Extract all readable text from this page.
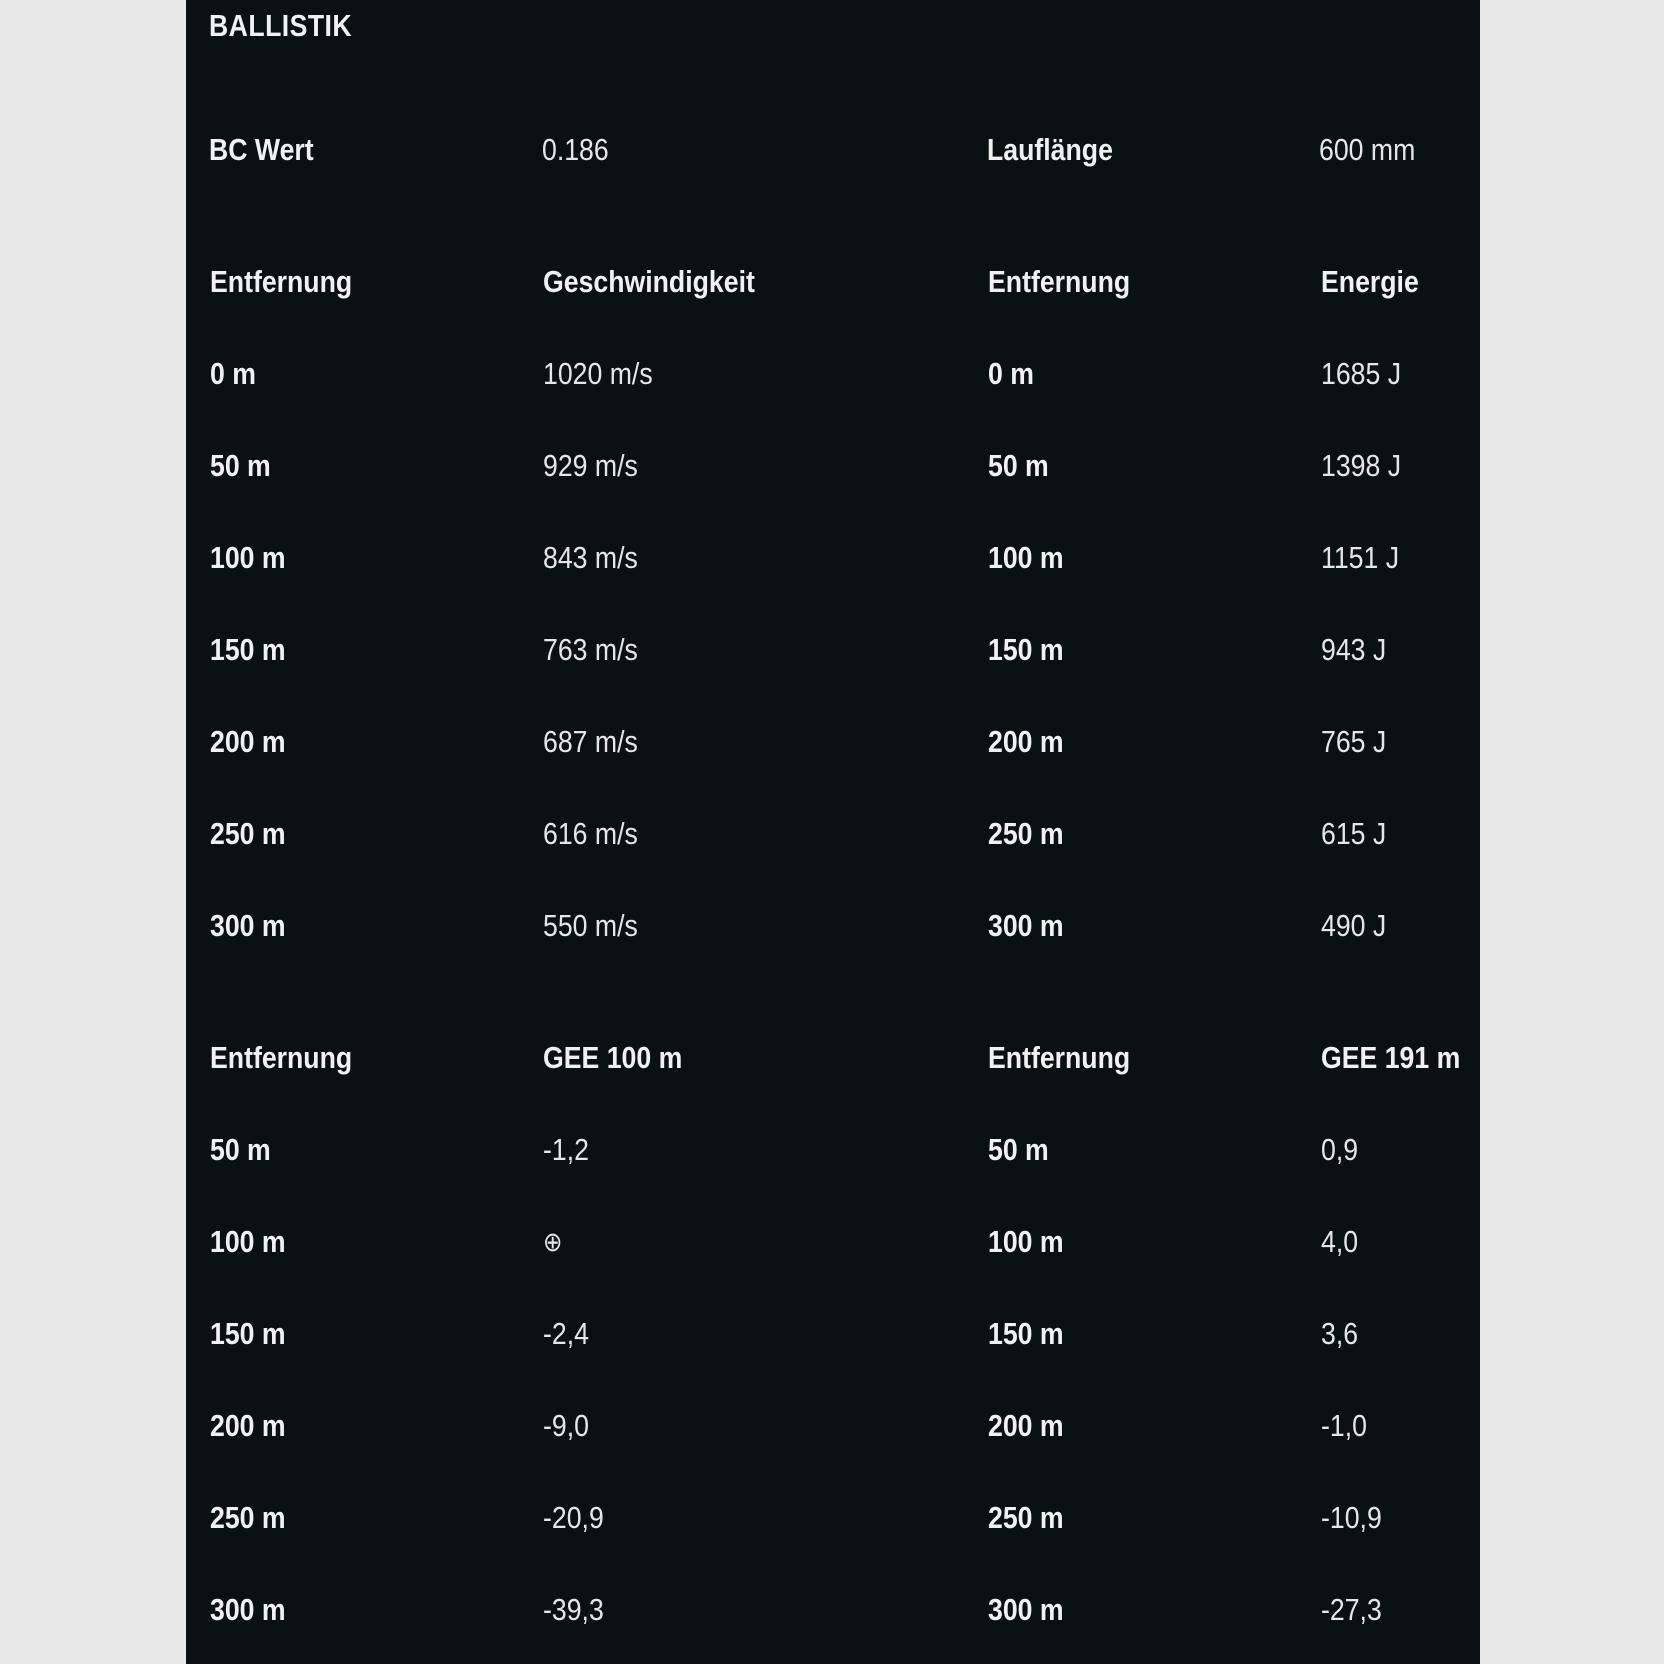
BALLISTIK
BC Wert	0.186	Lauflänge	600 mm
Entfernung	Geschwindigkeit	Entfernung	Energie
0 m	1020 m/s	0 m	1685 J
50 m	929 m/s	50 m	1398 J
100 m	843 m/s	100 m	1151 J
150 m	763 m/s	150 m	943 J
200 m	687 m/s	200 m	765 J
250 m	616 m/s	250 m	615 J
300 m	550 m/s	300 m	490 J
Entfernung	GEE 100 m	Entfernung	GEE 191 m
50 m	-1,2	50 m	0,9
100 m	⊕	100 m	4,0
150 m	-2,4	150 m	3,6
200 m	-9,0	200 m	-1,0
250 m	-20,9	250 m	-10,9
300 m	-39,3	300 m	-27,3
